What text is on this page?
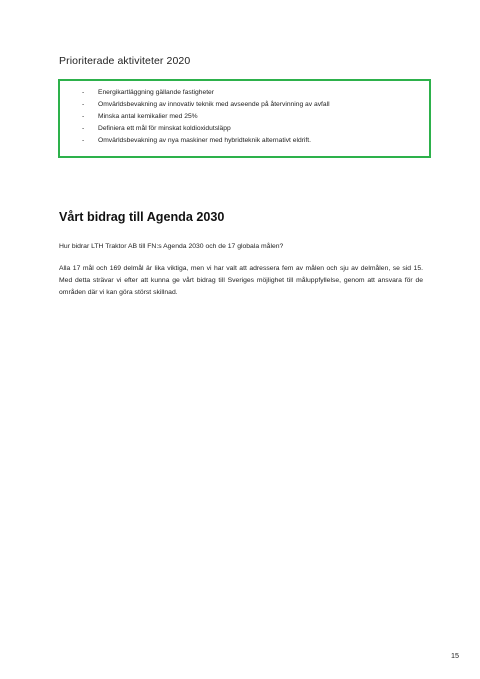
Prioriterade aktiviteter 2020
- Energikartläggning gällande fastigheter
- Omvärldsbevakning av innovativ teknik med avseende på återvinning av avfall
- Minska antal kemikalier med 25%
- Definiera ett mål för minskat koldioxidutsläpp
- Omvärldsbevakning av nya maskiner med hybridteknik alternativt eldrift.
Vårt bidrag till Agenda 2030
Hur bidrar LTH Traktor AB till FN:s Agenda 2030 och de 17 globala målen?
Alla 17 mål och 169 delmål är lika viktiga, men vi har valt att adressera fem av målen och sju av delmålen, se sid 15. Med detta strävar vi efter att kunna ge vårt bidrag till Sveriges möjlighet till måluppfyllelse, genom att ansvara för de områden där vi kan göra störst skillnad.
15
